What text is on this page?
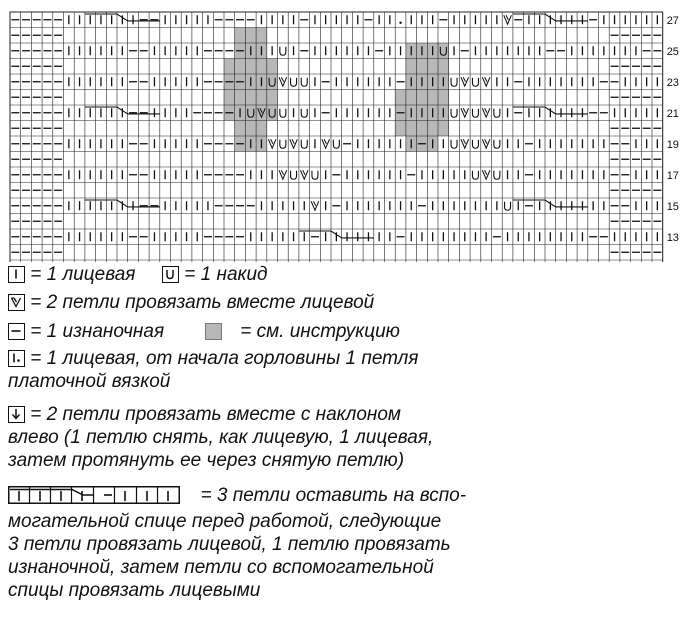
27
25
23
21
19
17
15
13
= 1 лицевая	= 1 накид
= 2 петли провязать вместе лицевой
= 1 изнаночная	= см. инструкцию
= 1 лицевая, от начала горловины 1 петля
платочной вязкой
= 2 петли провязать вместе с наклоном
влево (1 петлю снять, как лицевую, 1 лицевая,
затем протянуть ее через снятую петлю)
= 3 петли оставить на вспо-
могательной спице перед работой, следующие
3 петли провязать лицевой, 1 петлю провязать
изнаночной, затем петли со вспомогательной
спицы провязать лицевыми
